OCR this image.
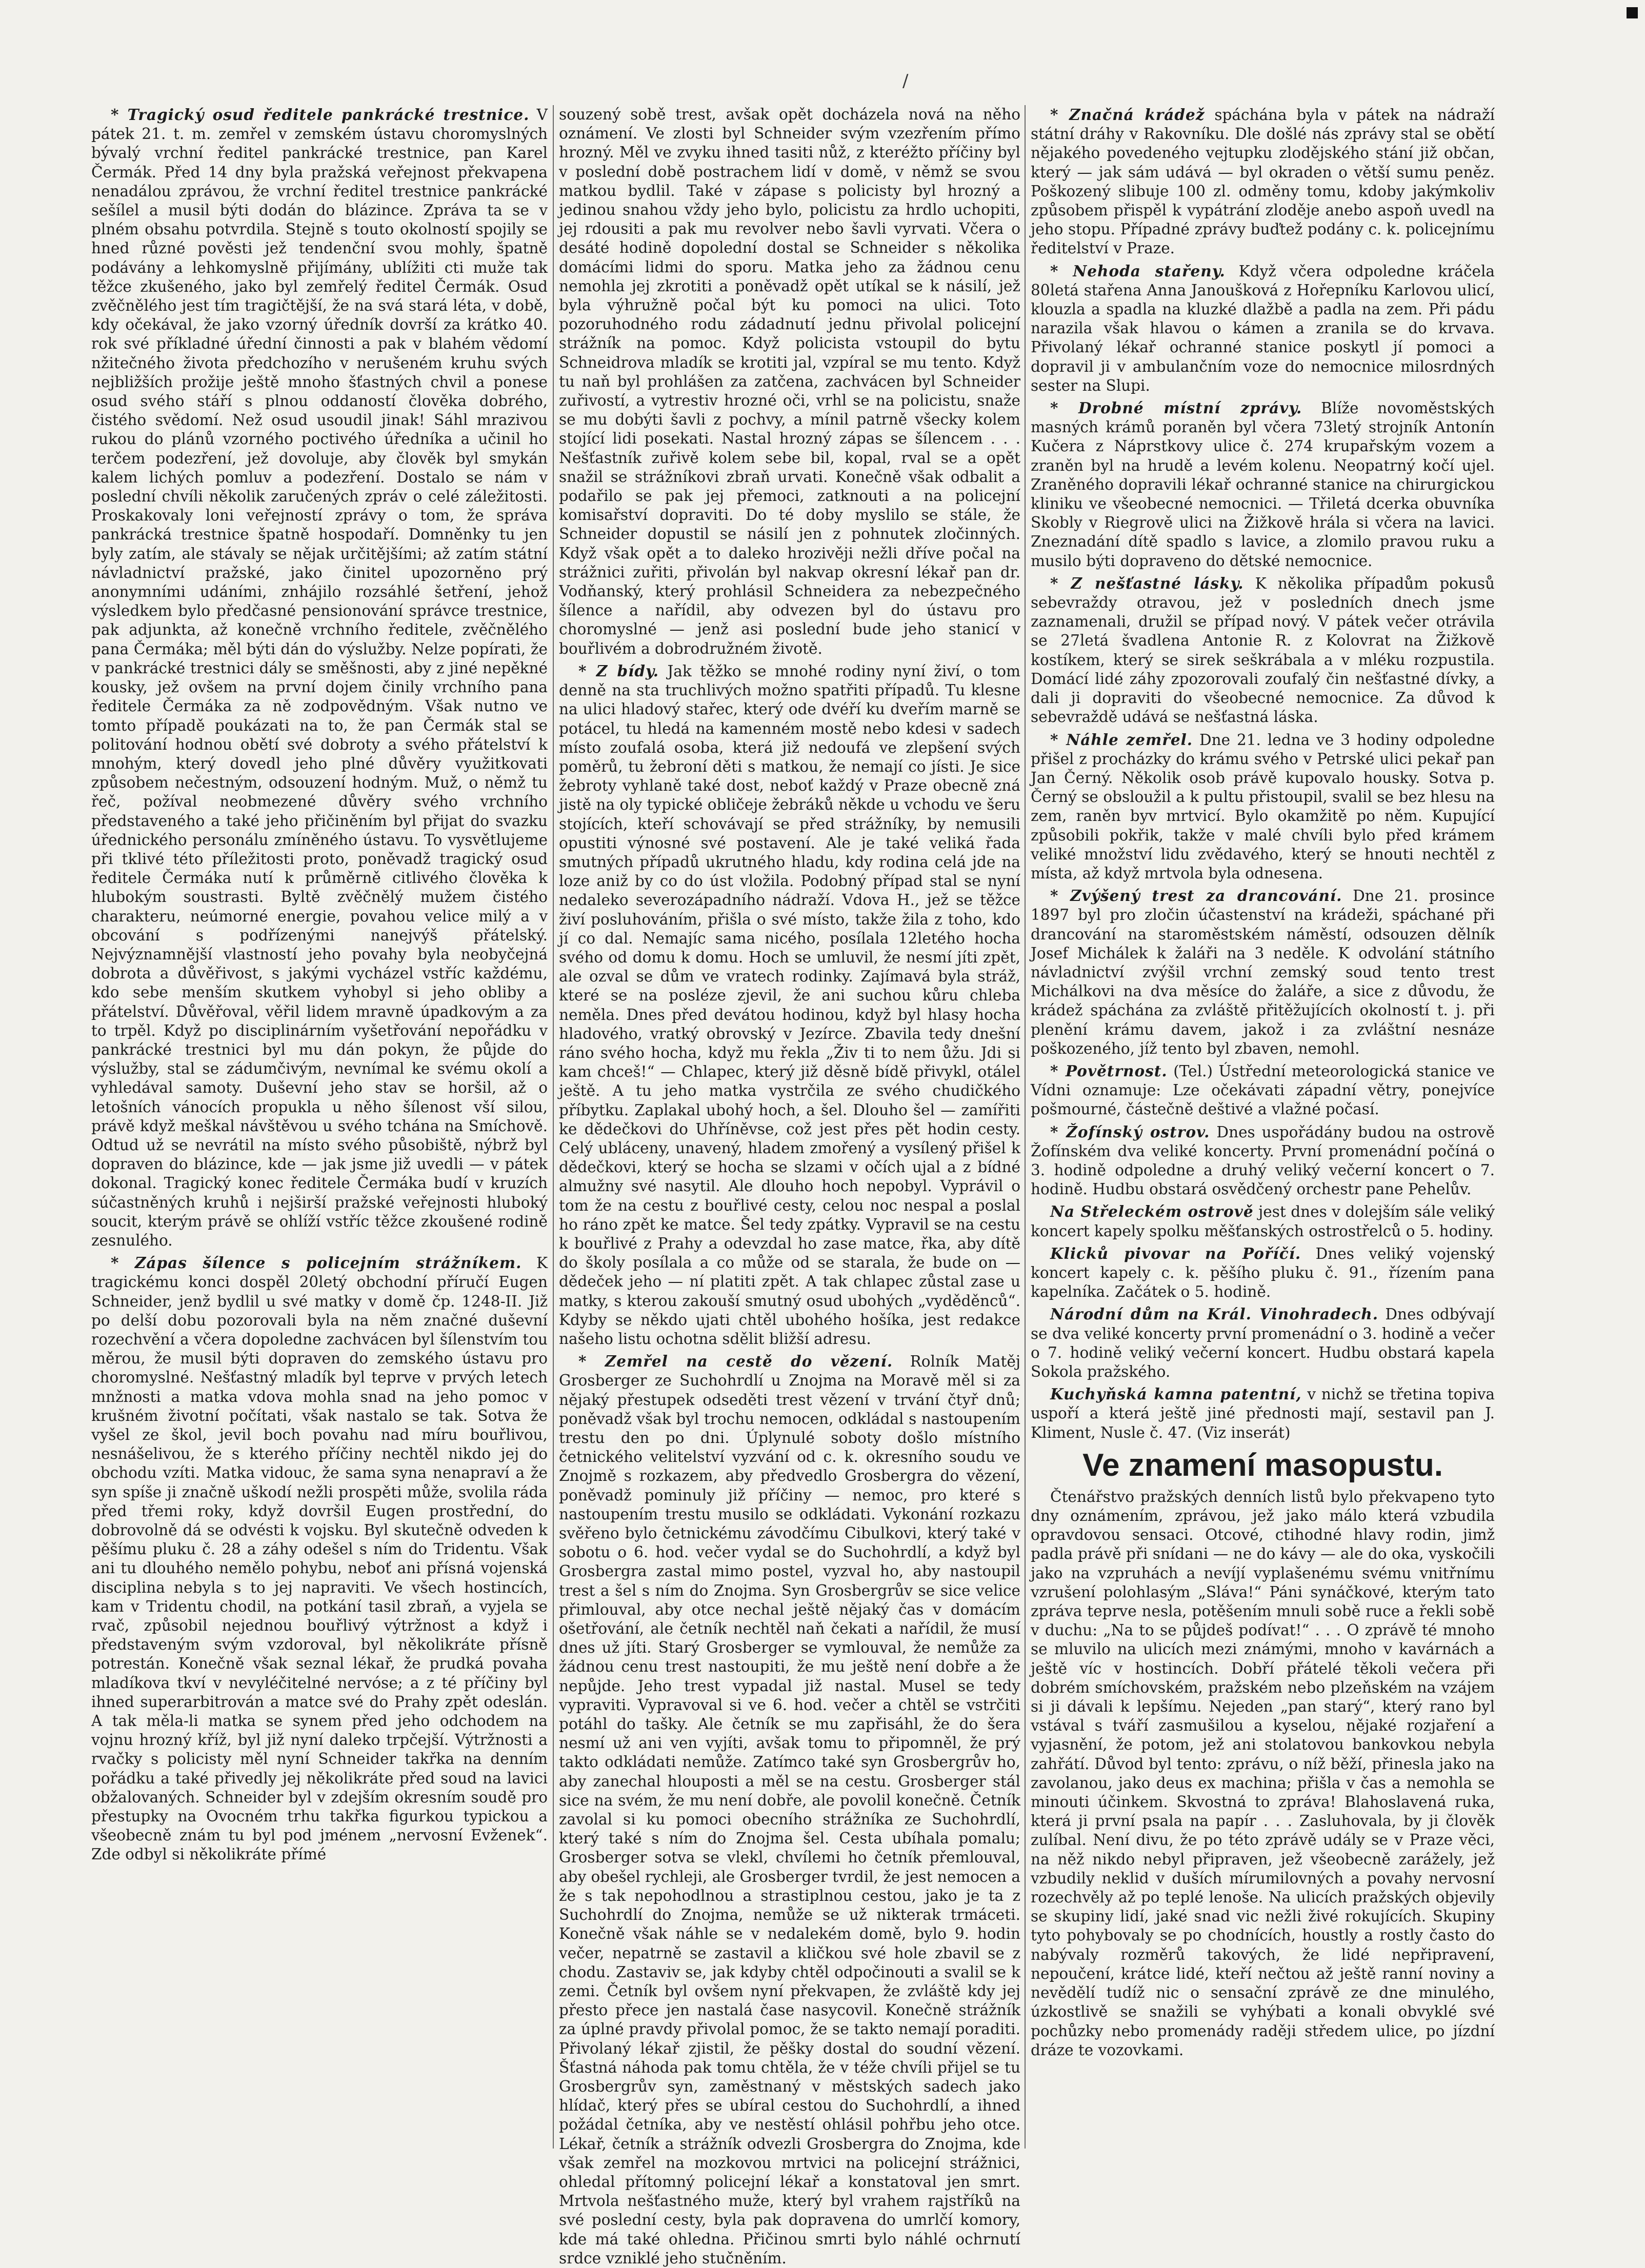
/

* Tragický osud ředitele pankrácké trestnice. V pátek 21. t. m. zemřel v zemském ústavu choromyslných bývalý vrchní ředitel pankrácké trestnice, pan Karel Čermák. Před 14 dny byla pražská veřejnost překvapena nenadálou zprávou, že vrchní ředitel trestnice pankrácké sešílel a musil býti dodán do blázince. Zpráva ta se v plném obsahu potvrdila. Stejně s touto okolností spojily se hned různé pověsti jež tendenční svou mohly, špatně podávány a lehkomyslně přijímány, ublížiti cti muže tak těžce zkušeného, jako byl zemřelý ředitel Čermák. Osud zvěčnělého jest tím tragičtější, že na svá stará léta, v době, kdy očekával, že jako vzorný úředník dovrší za krátko 40. rok své příkladné úřední činnosti a pak v blahém vědomí nžitečného života předchozího v nerušeném kruhu svých nejbližších prožije ještě mnoho šťastných chvil a ponese osud svého stáří s plnou oddaností člověka dobrého, čistého svědomí. Než osud usoudil jinak! Sáhl mrazivou rukou do plánů vzorného poctivého úředníka a učinil ho terčem podezření, jež dovoluje, aby člověk byl smykán kalem lichých pomluv a podezření. Dostalo se nám v poslední chvíli několik zaručených zpráv o celé záležitosti. Proskakovaly loni veřejností zprávy o tom, že správa pankrácká trestnice špatně hospodaří. Domněnky tu jen byly zatím, ale stávaly se nějak určitějšími; až zatím státní návladnictví pražské, jako činitel upozorněno prý anonymními udáními, znhájilo rozsáhlé šetření, jehož výsledkem bylo předčasné pensionování správce trestnice, pak adjunkta, až konečně vrchního ředitele, zvěčnělého pana Čermáka; měl býti dán do výslužby. Nelze popírati, že v pankrácké trestnici dály se směšnosti, aby z jiné nepěkné kousky, jež ovšem na první dojem činily vrchního pana ředitele Čermáka za ně zodpovědným. Však nutno ve tomto případě poukázati na to, že pan Čermák stal se politování hodnou obětí své dobroty a svého přátelství k mnohým, který dovedl jeho plné důvěry využitkovati způsobem nečestným, odsouzení hodným. Muž, o němž tu řeč, požíval neobmezené důvěry svého vrchního představeného a také jeho přičiněním byl přijat do svazku úřednického personálu zmíněného ústavu. To vysvětlujeme při tklivé této příležitosti proto, poněvadž tragický osud ředitele Čermáka nutí k průměrně citlivého člověka k hlubokým soustrasti. Byltě zvěčnělý mužem čistého charakteru, neúmorné energie, povahou velice milý a v obcování s podřízenými nanejvýš přátelský. Nejvýznamnější vlastností jeho povahy byla neobyčejná dobrota a důvěřivost, s jakými vycházel vstříc každému, kdo sebe menším skutkem vyhobyl si jeho obliby a přátelství. Důvěřoval, věřil lidem mravně úpadkovým a za to trpěl. Když po disciplinárním vyšetřování nepořádku v pankrácké trestnici byl mu dán pokyn, že půjde do výslužby, stal se zádumčivým, nevnímal ke svému okolí a vyhledával samoty. Duševní jeho stav se horšil, až o letošních vánocích propukla u něho šílenost vší silou, právě když meškal návštěvou u svého tchána na Smíchově. Odtud už se nevrátil na místo svého působiště, nýbrž byl dopraven do blázince, kde — jak jsme již uvedli — v pátek dokonal. Tragický konec ředitele Čermáka budí v kruzích súčastněných kruhů i nejširší pražské veřejnosti hluboký soucit, kterým právě se ohlíží vstříc těžce zkoušené rodině zesnulého.

* Zápas šílence s policejním strážníkem. K tragickému konci dospěl 20letý obchodní příručí Eugen Schneider, jenž bydlil u své matky v domě čp. 1248-II. Již po delší dobu pozorovali byla na něm značné duševní rozechvění a včera dopoledne zachvácen byl šílenstvím tou měrou, že musil býti dopraven do zemského ústavu pro choromyslné. Nešťastný mladík byl teprve v prvých letech mnžnosti a matka vdova mohla snad na jeho pomoc v krušném životní počítati, však nastalo se tak. Sotva že vyšel ze škol, jevil boch povahu nad míru bouřlivou, nesnášelivou, že s kterého příčiny nechtěl nikdo jej do obchodu vzíti. Matka vidouc, že sama syna nenapraví a že syn spíše ji značně uškodí nežli prospěti může, svolila ráda před třemi roky, když dovršil Eugen prostřední, do dobrovolně dá se odvésti k vojsku. Byl skutečně odveden k pěšímu pluku č. 28 a záhy odešel s ním do Tridentu. Však ani tu dlouhého nemělo pohybu, neboť ani přísná vojenská disciplina nebyla s to jej napraviti. Ve všech hostincích, kam v Tridentu chodil, na potkání tasil zbraň, a vyjela se rvač, způsobil nejednou bouřlivý výtržnost a když i představeným svým vzdoroval, byl několikráte přísně potrestán. Konečně však seznal lékař, že prudká povaha mladíkova tkví v nevyléčitelné nervóse; a z té příčiny byl ihned superarbitrován a matce své do Prahy zpět odeslán. A tak měla-li matka se synem před jeho odchodem na vojnu hrozný kříž, byl již nyní daleko trpčejší. Výtržnosti a rvačky s policisty měl nyní Schneider takřka na denním pořádku a také přivedly jej několikráte před soud na lavici obžalovaných. Schneider byl v zdejším okresním soudě pro přestupky na Ovocném trhu takřka figurkou typickou a všeobecně znám tu byl pod jménem „nervosní Evženek“. Zde odbyl si několikráte přímé

souzený sobě trest, avšak opět docházela nová na něho oznámení. Ve zlosti byl Schneider svým vzezřením přímo hrozný. Měl ve zvyku ihned tasiti nůž, z kteréžto příčiny byl v poslední době postrachem lidí v domě, v němž se svou matkou bydlil. Také v zápase s policisty byl hrozný a jedinou snahou vždy jeho bylo, policistu za hrdlo uchopiti, jej rdousiti a pak mu revolver nebo šavli vyrvati. Včera o desáté hodině dopolední dostal se Schneider s několika domácími lidmi do sporu. Matka jeho za žádnou cenu nemohla jej zkrotiti a poněvadž opět utíkal se k násilí, jež byla výhružně počal být ku pomoci na ulici. Toto pozoruhodného rodu zádadnutí jednu přivolal policejní strážník na pomoc. Když policista vstoupil do bytu Schneidrova mladík se krotiti jal, vzpíral se mu tento. Když tu naň byl prohlášen za zatčena, zachvácen byl Schneider zuřivostí, a vytrestiv hrozné oči, vrhl se na policistu, snaže se mu dobýti šavli z pochvy, a mínil patrně všecky kolem stojící lidi posekati. Nastal hrozný zápas se šílencem . . . Nešťastník zuřivě kolem sebe bil, kopal, rval se a opět snažil se strážníkovi zbraň urvati. Konečně však odbalit a podařilo se pak jej přemoci, zatknouti a na policejní komisařství dopraviti. Do té doby myslilo se stále, že Schneider dopustil se násilí jen z pohnutek zločinných. Když však opět a to daleko hrozivěji nežli dříve počal na strážnici zuřiti, přivolán byl nakvap okresní lékař pan dr. Vodňanský, který prohlásil Schneidera za nebezpečného šílence a nařídil, aby odvezen byl do ústavu pro choromyslné — jenž asi poslední bude jeho stanicí v bouřlivém a dobrodružném životě.

* Z bídy. Jak těžko se mnohé rodiny nyní živí, o tom denně na sta truchlivých možno spatřiti případů. Tu klesne na ulici hladový stařec, který ode dvéří ku dveřím marně se potácel, tu hledá na kamenném mostě nebo kdesi v sadech místo zoufalá osoba, která již nedoufá ve zlepšení svých poměrů, tu žebroní děti s matkou, že nemají co jísti. Je sice žebroty vyhlaně také dost, neboť každý v Praze obecně zná jistě na oly typické obličeje žebráků někde u vchodu ve šeru stojících, kteří schovávají se před strážníky, by nemusili opustiti výnosné své postavení. Ale je také veliká řada smutných případů ukrutného hladu, kdy rodina celá jde na loze aniž by co do úst vložila. Podobný případ stal se nyní nedaleko severozápadního nádraží. Vdova H., jež se těžce živí posluhováním, přišla o své místo, takže žila z toho, kdo jí co dal. Nemajíc sama nicého, posílala 12letého hocha svého od domu k domu. Hoch se umluvil, že nesmí jíti zpět, ale ozval se dům ve vratech rodinky. Zajímavá byla stráž, které se na posléze zjevil, že ani suchou kůru chleba neměla. Dnes před devátou hodinou, když byl hlasy hocha hladového, vratký obrovský v Jezírce. Zbavila tedy dnešní ráno svého hocha, když mu řekla „Živ ti to nem ůžu. Jdi si kam chceš!“ — Chlapec, který již děsně bídě přivykl, otálel ještě. A tu jeho matka vystrčila ze svého chudičkého příbytku. Zaplakal ubohý hoch, a šel. Dlouho šel — zamířiti ke dědečkovi do Uhříněvse, což jest přes pět hodin cesty. Celý ubláceny, unavený, hladem zmořený a vysílený přišel k dědečkovi, který se hocha se slzami v očích ujal a z bídné almužny své nasytil. Ale dlouho hoch nepobyl. Vyprávil o tom že na cestu z bouřlivé cesty, celou noc nespal a poslal ho ráno zpět ke matce. Šel tedy zpátky. Vypravil se na cestu k bouřlivé z Prahy a odevzdal ho zase matce, řka, aby dítě do školy posílala a co může od se starala, že bude on — dědeček jeho — ní platiti zpět. A tak chlapec zůstal zase u matky, s kterou zakouší smutný osud ubohých „vyděděnců“. Kdyby se někdo ujati chtěl ubohého hošíka, jest redakce našeho listu ochotna sdělit bližší adresu.

* Zemřel na cestě do vězení. Rolník Matěj Grosberger ze Suchohrdlí u Znojma na Moravě měl si za nějaký přestupek odseděti trest vězení v trvání čtyř dnů; poněvadž však byl trochu nemocen, odkládal s nastoupením trestu den po dni. Úplynulé soboty došlo místního četnického velitelství vyzvání od c. k. okresního soudu ve Znojmě s rozkazem, aby předvedlo Grosbergra do vězení, poněvadž pominuly již příčiny — nemoc, pro které s nastoupením trestu musilo se odkládati. Vykonání rozkazu svěřeno bylo četnickému závodčímu Cibulkovi, který také v sobotu o 6. hod. večer vydal se do Suchohrdlí, a když byl Grosbergra zastal mimo postel, vyzval ho, aby nastoupil trest a šel s ním do Znojma. Syn Grosbergrův se sice velice přimlouval, aby otce nechal ještě nějaký čas v domácím ošetřování, ale četník nechtěl naň čekati a nařídil, že musí dnes už jíti. Starý Grosberger se vymlouval, že nemůže za žádnou cenu trest nastoupiti, že mu ještě není dobře a že nepůjde. Jeho trest vypadal již nastal. Musel se tedy vypraviti. Vypravoval si ve 6. hod. večer a chtěl se vstrčiti potáhl do tašky. Ale četník se mu zapřisáhl, že do šera nesmí už ani ven vyjíti, avšak tomu to připomněl, že prý takto odkládati nemůže. Zatímco také syn Grosbergrův ho, aby zanechal hlouposti a měl se na cestu. Grosberger stál sice na svém, že mu není dobře, ale povolil konečně. Četník zavolal si ku pomoci obecního strážníka ze Suchohrdlí, který také s ním do Znojma šel. Cesta ubíhala pomalu; Grosberger sotva se vlekl, chvílemi ho četník přemlouval, aby obešel rychleji, ale Grosberger tvrdil, že jest nemocen a že s tak nepohodlnou a strastiplnou cestou, jako je ta z Suchohrdlí do Znojma, nemůže se už nikterak trmáceti. Konečně však náhle se v nedalekém domě, bylo 9. hodin večer, nepatrně se zastavil a kličkou své hole zbavil se z chodu. Zastaviv se, jak kdyby chtěl odpočinouti a svalil se k zemi. Četník byl ovšem nyní překvapen, že zvláště kdy jej přesto přece jen nastalá čase nasycovil. Konečně strážník za úplné pravdy přivolal pomoc, že se takto nemají poraditi. Přivolaný lékař zjistil, že pěšky dostal do soudní vězení. Šťastná náhoda pak tomu chtěla, že v téže chvíli přijel se tu Grosbergrův syn, zaměstnaný v městských sadech jako hlídač, který přes se ubíral cestou do Suchohrdlí, a ihned požádal četníka, aby ve nestěstí ohlásil pohřbu jeho otce. Lékař, četník a strážník odvezli Grosbergra do Znojma, kde však zemřel na mozkovou mrtvici na policejní strážnici, ohledal přítomný policejní lékař a konstatoval jen smrt. Mrtvola nešťastného muže, který byl vrahem rajstříků na své poslední cesty, byla pak dopravena do umrlčí komory, kde má také ohledna. Přičinou smrti bylo náhlé ochrnutí srdce vzniklé jeho stučněním.

* Značná krádež spáchána byla v pátek na nádraží státní dráhy v Rakovníku. Dle došlé nás zprávy stal se obětí nějakého povedeného vejtupku zlodějského stání již občan, který — jak sám udává — byl okraden o větší sumu peněz. Poškozený slibuje 100 zl. odměny tomu, kdoby jakýmkoliv způsobem přispěl k vypátrání zloděje anebo aspoň uvedl na jeho stopu. Případné zprávy buďtež podány c. k. policejnímu ředitelství v Praze.

* Nehoda stařeny. Když včera odpoledne kráčela 80letá stařena Anna Janoušková z Hořepníku Karlovou ulicí, klouzla a spadla na kluzké dlažbě a padla na zem. Při pádu narazila však hlavou o kámen a zranila se do krvava. Přivolaný lékař ochranné stanice poskytl jí pomoci a dopravil ji v ambulančním voze do nemocnice milosrdných sester na Slupi.

* Drobné místní zprávy. Blíže novoměstských masných krámů poraněn byl včera 73letý strojník Antonín Kučera z Náprstkovy ulice č. 274 krupařským vozem a zraněn byl na hrudě a levém kolenu. Neopatrný kočí ujel. Zraněného dopravili lékař ochranné stanice na chirurgickou kliniku ve všeobecné nemocnici. — Třiletá dcerka obuvníka Skobly v Riegrově ulici na Žižkově hrála si včera na lavici. Zneznadání dítě spadlo s lavice, a zlomilo pravou ruku a musilo býti dopraveno do dětské nemocnice.

* Z nešťastné lásky. K několika případům pokusů sebevraždy otravou, jež v posledních dnech jsme zaznamenali, družil se případ nový. V pátek večer otrávila se 27letá švadlena Antonie R. z Kolovrat na Žižkově kostíkem, který se sirek seškrábala a v mléku rozpustila. Domácí lidé záhy zpozorovali zoufalý čin nešťastné dívky, a dali ji dopraviti do všeobecné nemocnice. Za důvod k sebevraždě udává se nešťastná láska.

* Náhle zemřel. Dne 21. ledna ve 3 hodiny odpoledne přišel z procházky do krámu svého v Petrské ulici pekař pan Jan Černý. Několik osob právě kupovalo housky. Sotva p. Černý se obsloužil a k pultu přistoupil, svalil se bez hlesu na zem, raněn byv mrtvicí. Bylo okamžitě po něm. Kupující způsobili pokřik, takže v malé chvíli bylo před krámem veliké množství lidu zvědavého, který se hnouti nechtěl z místa, až když mrtvola byla odnesena.

* Zvýšený trest za drancování. Dne 21. prosince 1897 byl pro zločin účastenství na krádeži, spáchané při drancování na staroměstském náměstí, odsouzen dělník Josef Michálek k žaláři na 3 neděle. K odvolání státního návladnictví zvýšil vrchní zemský soud tento trest Michálkovi na dva měsíce do žaláře, a sice z důvodu, že krádež spáchána za zvláště přitěžujících okolností t. j. při plenění krámu davem, jakož i za zvláštní nesnáze poškozeného, jíž tento byl zbaven, nemohl.

* Povětrnost. (Tel.) Ústřední meteorologická stanice ve Vídni oznamuje: Lze očekávati západní větry, ponejvíce pošmourné, částečně deštivé a vlažné počasí.

* Žofínský ostrov. Dnes uspořádány budou na ostrově Žofínském dva veliké koncerty. První promenádní počíná o 3. hodině odpoledne a druhý veliký večerní koncert o 7. hodině. Hudbu obstará osvědčený orchestr pane Pehelův.

Na Střeleckém ostrově jest dnes v dolejším sále veliký koncert kapely spolku měšťanských ostrostřelců o 5. hodiny.

Klicků pivovar na Poříčí. Dnes veliký vojenský koncert kapely c. k. pěšího pluku č. 91., řízením pana kapelníka. Začátek o 5. hodině.

Národní dům na Král. Vinohradech. Dnes odbývají se dva veliké koncerty první promenádní o 3. hodině a večer o 7. hodině veliký večerní koncert. Hudbu obstará kapela Sokola pražského.

Kuchyňská kamna patentní, v nichž se třetina topiva uspoří a která ještě jiné přednosti mají, sestavil pan J. Kliment, Nusle č. 47. (Viz inserát)

Ve znamení masopustu.

Čtenářstvo pražských denních listů bylo překvapeno tyto dny oznámením, zprávou, jež jako málo která vzbudila opravdovou sensaci. Otcové, ctihodné hlavy rodin, jimž padla právě při snídani — ne do kávy — ale do oka, vyskočili jako na vzpruhách a nevíjí vyplašenému svému vnitřnímu vzrušení polohlasým „Sláva!“ Páni synáčkové, kterým tato zpráva teprve nesla, potěšením mnuli sobě ruce a řekli sobě v duchu: „Na to se půjdeš podívat!“ . . . O zprávě té mnoho se mluvilo na ulicích mezi známými, mnoho v kavárnách a ještě víc v hostincích. Dobří přátelé těkoli večera při dobrém smíchovském, pražském nebo plzeňském na vzájem si ji dávali k lepšímu. Nejeden „pan starý“, který rano byl vstával s tváří zasmušilou a kyselou, nějaké rozjaření a vyjasnění, že potom, jež ani stolatovou bankovkou nebyla zahřátí. Důvod byl tento: zprávu, o níž běží, přinesla jako na zavolanou, jako deus ex machina; přišla v čas a nemohla se minouti účinkem. Skvostná to zpráva! Blahoslavená ruka, která ji první psala na papír . . . Zasluhovala, by ji člověk zulíbal. Není divu, že po této zprávě udály se v Praze věci, na něž nikdo nebyl připraven, jež všeobecně zarážely, jež vzbudily neklid v duších mírumilovných a povahy nervosní rozechvěly až po teplé lenoše. Na ulicích pražských objevily se skupiny lidí, jaké snad vic nežli živé rokujících. Skupiny tyto pohybovaly se po chodnících, houstly a rostly často do nabývaly rozměrů takových, že lidé nepřipravení, nepoučení, krátce lidé, kteří nečtou až ještě ranní noviny a nevědělí tudíž nic o sensační zprávě ze dne minulého, úzkostlivě se snažili se vyhýbati a konali obvyklé své pochůzky nebo promenády raději středem ulice, po jízdní dráze te vozovkami.
